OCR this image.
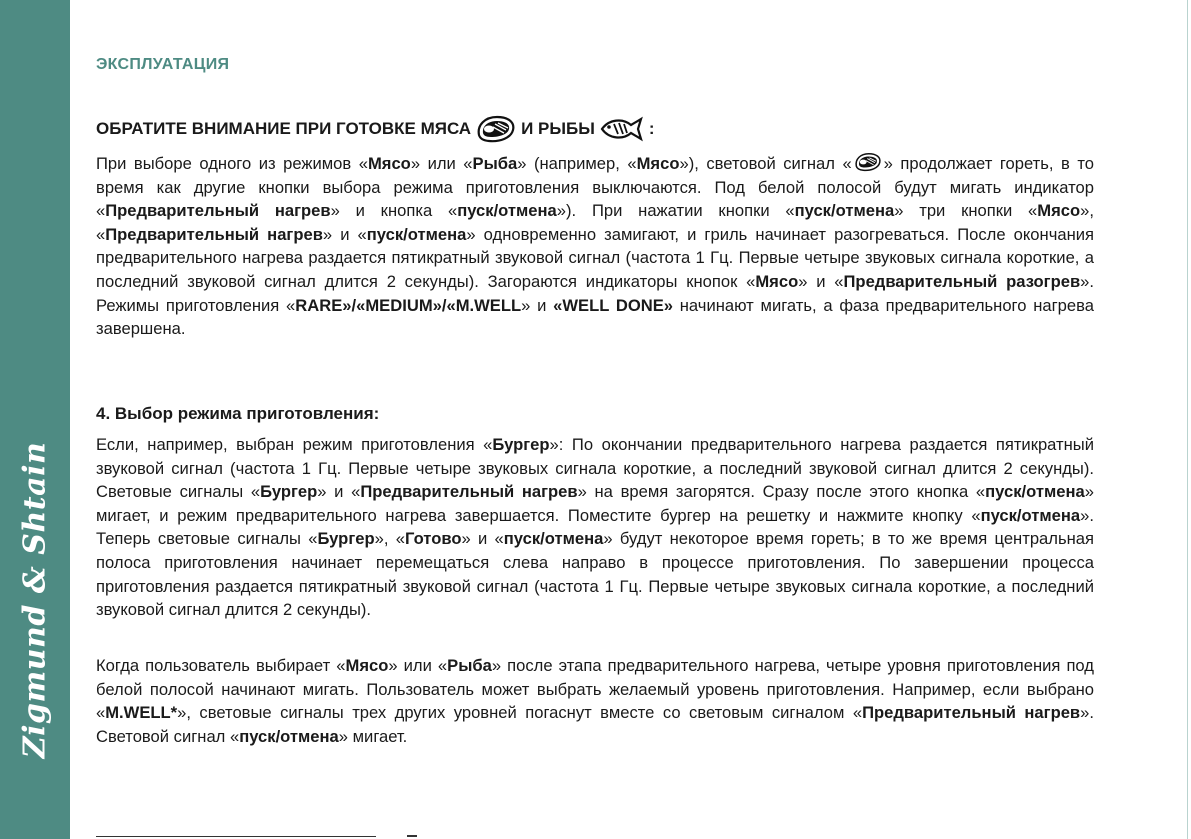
Zigmund & Shtain
ЭКСПЛУАТАЦИЯ
ОБРАТИТЕ ВНИМАНИЕ ПРИ ГОТОВКЕ МЯСА	И РЫБЫ	:

При выборе одного из режимов «Мясо» или «Рыба» (например, «Мясо»), световой сигнал « » продолжает гореть, в то время как другие кнопки выбора режима приготовления выключаются. Под белой полосой будут мигать индикатор «Предварительный нагрев» и кнопка «пуск/отмена»). При нажатии кнопки «пуск/отмена» три кнопки «Мясо», «Предварительный нагрев» и «пуск/отмена» одновременно замигают, и гриль начинает разогреваться. После окончания предварительного нагрева раздается пятикратный звуковой сигнал (частота 1 Гц. Первые четыре звуковых сигнала короткие, а последний звуковой сигнал длится 2 секунды). Загораются индикаторы кнопок «Мясо» и «Предварительный разогрев». Режимы приготовления «RARE»/«MEDIUM»/«M.WELL» и «WELL DONE» начинают мигать, а фаза предварительного нагрева завершена.

4. Выбор режима приготовления:

Если, например, выбран режим приготовления «Бургер»: По окончании предварительного нагрева раздается пятикратный звуковой сигнал (частота 1 Гц. Первые четыре звуковых сигнала короткие, а последний звуковой сигнал длится 2 секунды). Световые сигналы «Бургер» и «Предварительный нагрев» на время загорятся. Сразу после этого кнопка «пуск/отмена» мигает, и режим предварительного нагрева завершается. Поместите бургер на решетку и нажмите кнопку «пуск/отмена». Теперь световые сигналы «Бургер», «Готово» и «пуск/отмена» будут некоторое время гореть; в то же время центральная полоса приготовления начинает перемещаться слева направо в процессе приготовления. По завершении процесса приготовления раздается пятикратный звуковой сигнал (частота 1 Гц. Первые четыре звуковых сигнала короткие, а последний звуковой сигнал длится 2 секунды).

Когда пользователь выбирает «Мясо» или «Рыба» после этапа предварительного нагрева, четыре уровня приготовления под белой полосой начинают мигать. Пользователь может выбрать желаемый уровень приготовления. Например, если выбрано «M.WELL*», световые сигналы трех других уровней погаснут вместе со световым сигналом «Предварительный нагрев». Световой сигнал «пуск/отмена» мигает.
